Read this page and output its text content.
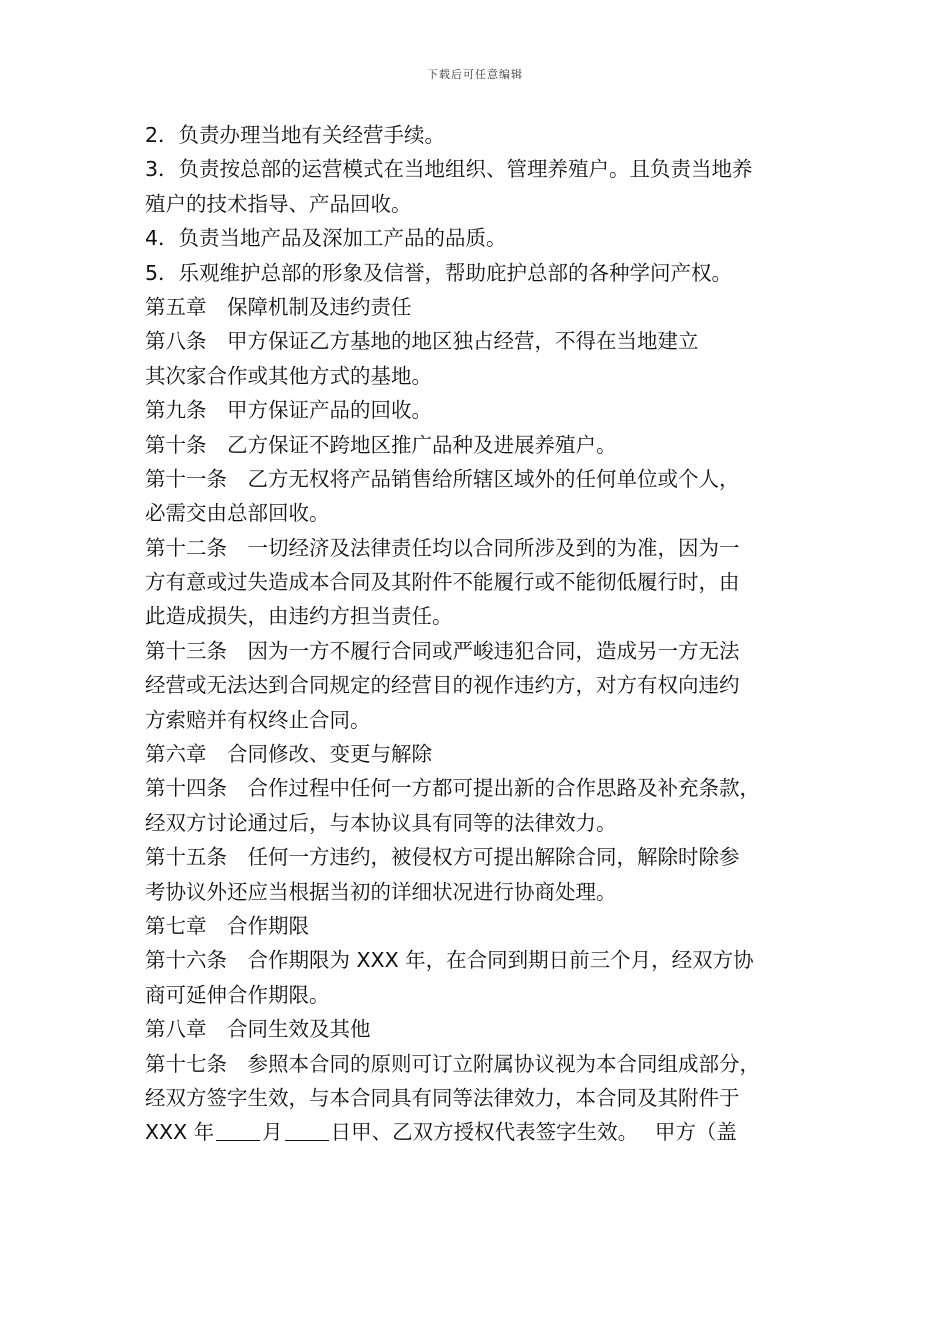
下载后可任意编辑
2．负责办理当地有关经营手续。
3．负责按总部的运营模式在当地组织、管理养殖户。且负责当地养
殖户的技术指导、产品回收。
4．负责当地产品及深加工产品的品质。
5．乐观维护总部的形象及信誉，帮助庇护总部的各种学问产权。
第五章　保障机制及违约责任
第八条　甲方保证乙方基地的地区独占经营，不得在当地建立
其次家合作或其他方式的基地。
第九条　甲方保证产品的回收。
第十条　乙方保证不跨地区推广品种及进展养殖户。
第十一条　乙方无权将产品销售给所辖区域外的任何单位或个人，
必需交由总部回收。
第十二条　一切经济及法律责任均以合同所涉及到的为准，因为一
方有意或过失造成本合同及其附件不能履行或不能彻低履行时，由
此造成损失，由违约方担当责任。
第十三条　因为一方不履行合同或严峻违犯合同，造成另一方无法
经营或无法达到合同规定的经营目的视作违约方，对方有权向违约
方索赔并有权终止合同。
第六章　合同修改、变更与解除
第十四条　合作过程中任何一方都可提出新的合作思路及补充条款，
经双方讨论通过后，与本协议具有同等的法律效力。
第十五条　任何一方违约，被侵权方可提出解除合同，解除时除参
考协议外还应当根据当初的详细状况进行协商处理。
第七章　合作期限
第十六条　合作期限为 XXX 年，在合同到期日前三个月，经双方协
商可延伸合作期限。
第八章　合同生效及其他
第十七条　参照本合同的原则可订立附属协议视为本合同组成部分，
经双方签字生效，与本合同具有同等法律效力，本合同及其附件于
XXX 年 月 日甲、乙双方授权代表签字生效。　 甲方（盖
